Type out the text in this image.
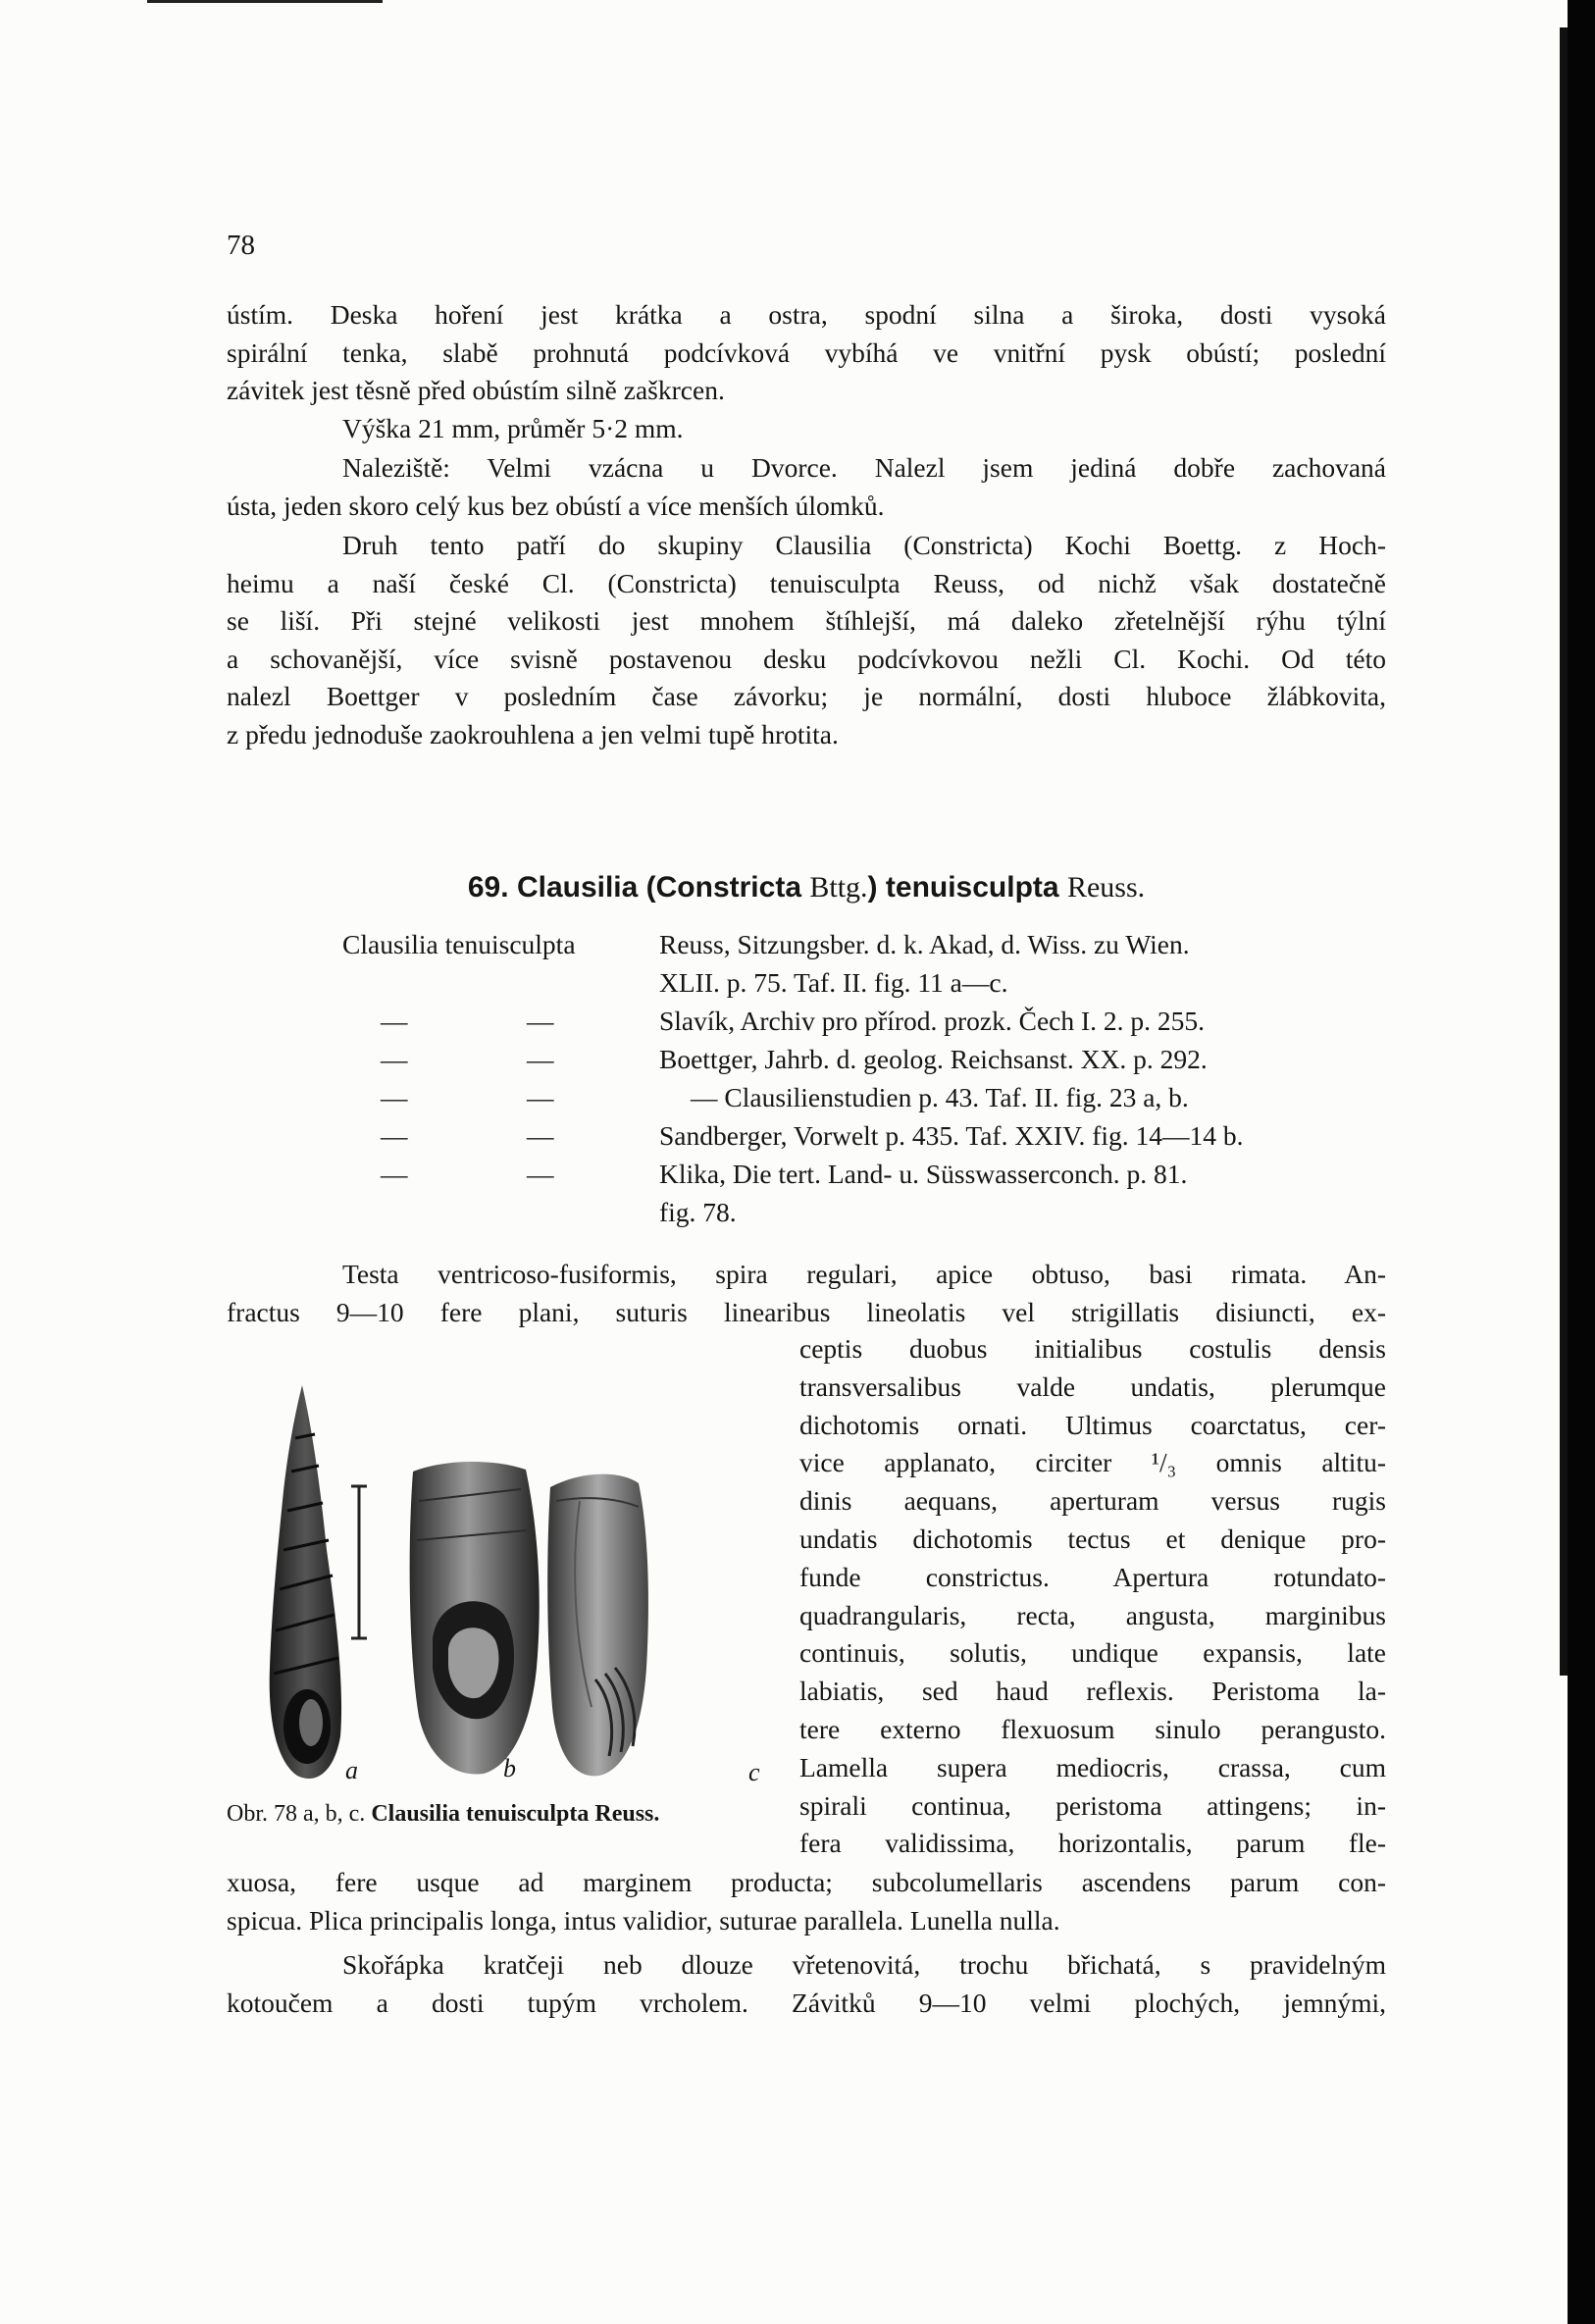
78
ústím. Deska hoření jest krátka a ostra, spodní silna a široka, dosti vysoká
spirální tenka, slabě prohnutá podcívková vybíhá ve vnitřní pysk obústí; poslední
závitek jest těsně před obústím silně zaškrcen.
Výška 21 mm, průměr 5·2 mm.
Naleziště: Velmi vzácna u Dvorce. Nalezl jsem jediná dobře zachovaná
ústa, jeden skoro celý kus bez obústí a více menších úlomků.
Druh tento patří do skupiny Clausilia (Constricta) Kochi Boettg. z Hoch-
heimu a naší české Cl. (Constricta) tenuisculpta Reuss, od nichž však dostatečně
se liší. Při stejné velikosti jest mnohem štíhlejší, má daleko zřetelnější rýhu týlní
a schovanější, více svisně postavenou desku podcívkovou nežli Cl. Kochi. Od této
nalezl Boettger v posledním čase závorku; je normální, dosti hluboce žlábkovita,
z předu jednoduše zaokrouhlena a jen velmi tupě hrotita.
69. Clausilia (Constricta Bttg.) tenuisculpta Reuss.
Clausilia tenuisculpta	Reuss, Sitzungsber. d. k. Akad, d. Wiss. zu Wien.
XLII. p. 75. Taf. II. fig. 11 a—c.
—	—	Slavík, Archiv pro přírod. prozk. Čech I. 2. p. 255.
—	—	Boettger, Jahrb. d. geolog. Reichsanst. XX. p. 292.
—	—	— Clausilienstudien p. 43. Taf. II. fig. 23 a, b.
—	—	Sandberger, Vorwelt p. 435. Taf. XXIV. fig. 14—14 b.
—	—	Klika, Die tert. Land- u. Süsswasserconch. p. 81.
fig. 78.
Testa ventricoso-fusiformis, spira regulari, apice obtuso, basi rimata. An-
fractus 9—10 fere plani, suturis linearibus lineolatis vel strigillatis disiuncti, ex-
ceptis duobus initialibus costulis densis
transversalibus valde undatis, plerumque
dichotomis ornati. Ultimus coarctatus, cer-
vice applanato, circiter ¹/₃ omnis altitu-
dinis aequans, aperturam versus rugis
undatis dichotomis tectus et denique pro-
funde constrictus. Apertura rotundato-
quadrangularis, recta, angusta, marginibus
continuis, solutis, undique expansis, late
labiatis, sed haud reflexis. Peristoma la-
tere externo flexuosum sinulo perangusto.
Lamella supera mediocris, crassa, cum
spirali continua, peristoma attingens; in-
fera validissima, horizontalis, parum fle-
a	b	c
Obr. 78 a, b, c. Clausilia tenuisculpta Reuss.
xuosa, fere usque ad marginem producta; subcolumellaris ascendens parum con-
spicua. Plica principalis longa, intus validior, suturae parallela. Lunella nulla.
Skořápka kratčeji neb dlouze vřetenovitá, trochu břichatá, s pravidelným
kotoučem a dosti tupým vrcholem. Závitků 9—10 velmi plochých, jemnými,
